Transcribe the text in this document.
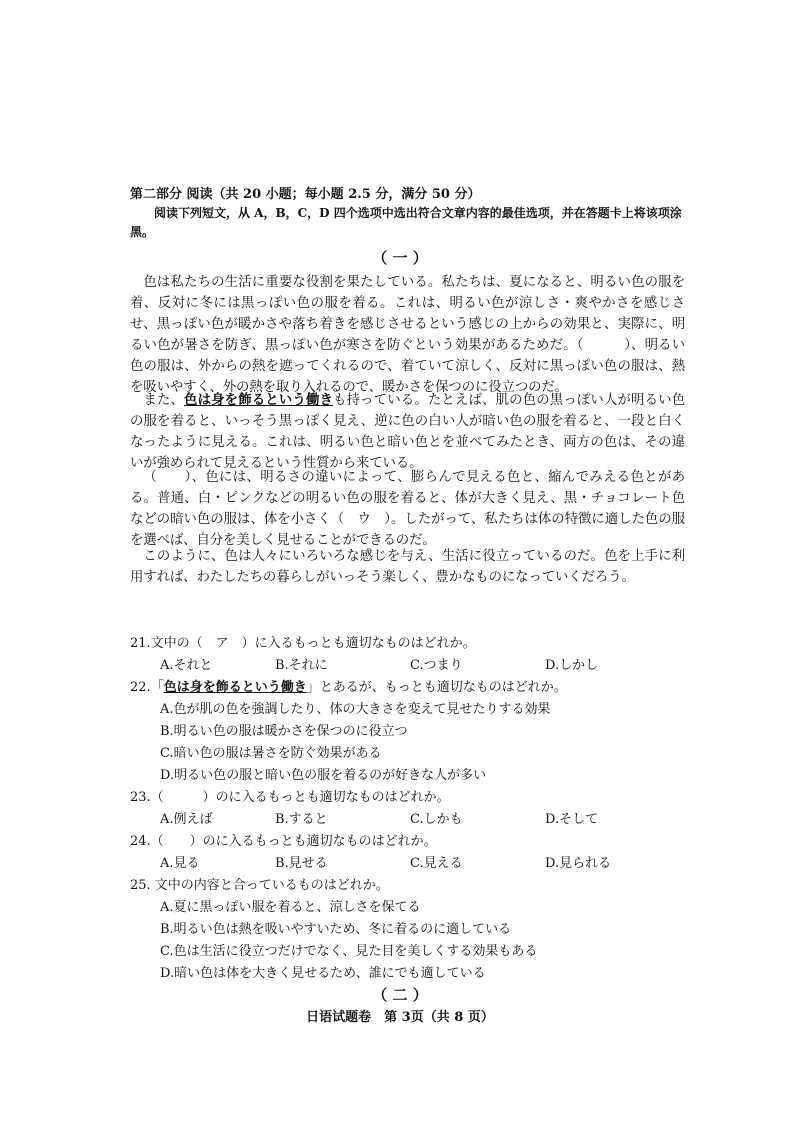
第二部分 阅读（共 20 小题；每小题 2.5 分，满分 50 分）
阅读下列短文，从 A，B，C，D 四个选项中选出符合文章内容的最佳选项，并在答题卡上将该项涂黑。
（ 一 ）
色は私たちの生活に重要な役割を果たしている。私たちは、夏になると、明るい色の服を着、反対に冬には黒っぽい色の服を着る。これは、明るい色が涼しさ・爽やかさを感じさせ、黒っぽい色が暖かさや落ち着きを感じさせるという感じの上からの効果と、実際に、明るい色が暑さを防ぎ、黒っぽい色が寒さを防ぐという効果があるためだ。（　　　）、明るい色の服は、外からの熱を遮ってくれるので、着ていて涼しく、反対に黒っぽい色の服は、熱を吸いやすく、外の熱を取り入れるので、暖かさを保つのに役立つのだ。
また、色は身を飾るという働きも持っている。たとえば、肌の色の黒っぽい人が明るい色の服を着ると、いっそう黒っぽく見え、逆に色の白い人が暗い色の服を着ると、一段と白くなったように見える。これは、明るい色と暗い色とを並べてみたとき、両方の色は、その違いが強められて見えるという性質から来ている。
（　　）、色には、明るさの違いによって、膨らんで見える色と、縮んでみえる色とがある。普通、白・ピンクなどの明るい色の服を着ると、体が大きく見え、黒・チョコレート色などの暗い色の服は、体を小さく（　ウ　）。したがって、私たちは体の特徴に適した色の服を選べば、自分を美しく見せることができるのだ。
このように、色は人々にいろいろな感じを与え、生活に役立っているのだ。色を上手に利用すれば、わたしたちの暮らしがいっそう楽しく、豊かなものになっていくだろう。
21.文中の（　ア　）に入るもっとも適切なものはどれか。
A.それと	B.それに	C.つまり	D.しかし
22.「色は身を飾るという働き」とあるが、もっとも適切なものはどれか。
A.色が肌の色を強調したり、体の大きさを変えて見せたりする効果
B.明るい色の服は暖かさを保つのに役立つ
C.暗い色の服は暑さを防ぐ効果がある
D.明るい色の服と暗い色の服を着るのが好きな人が多い
23.（　　　）のに入るもっとも適切なものはどれか。
A.例えば	B.すると	C.しかも	D.そして
24.（　　）のに入るもっとも適切なものはどれか。
A.見る	B.見せる	C.見える	D.見られる
25. 文中の内容と合っているものはどれか。
A.夏に黒っぽい服を着ると、涼しさを保てる
B.明るい色は熱を吸いやすいため、冬に着るのに適している
C.色は生活に役立つだけでなく、見た目を美しくする効果もある
D.暗い色は体を大きく見せるため、誰にでも適している
（ 二 ）
日语试题卷　第 3页（共 8 页）
